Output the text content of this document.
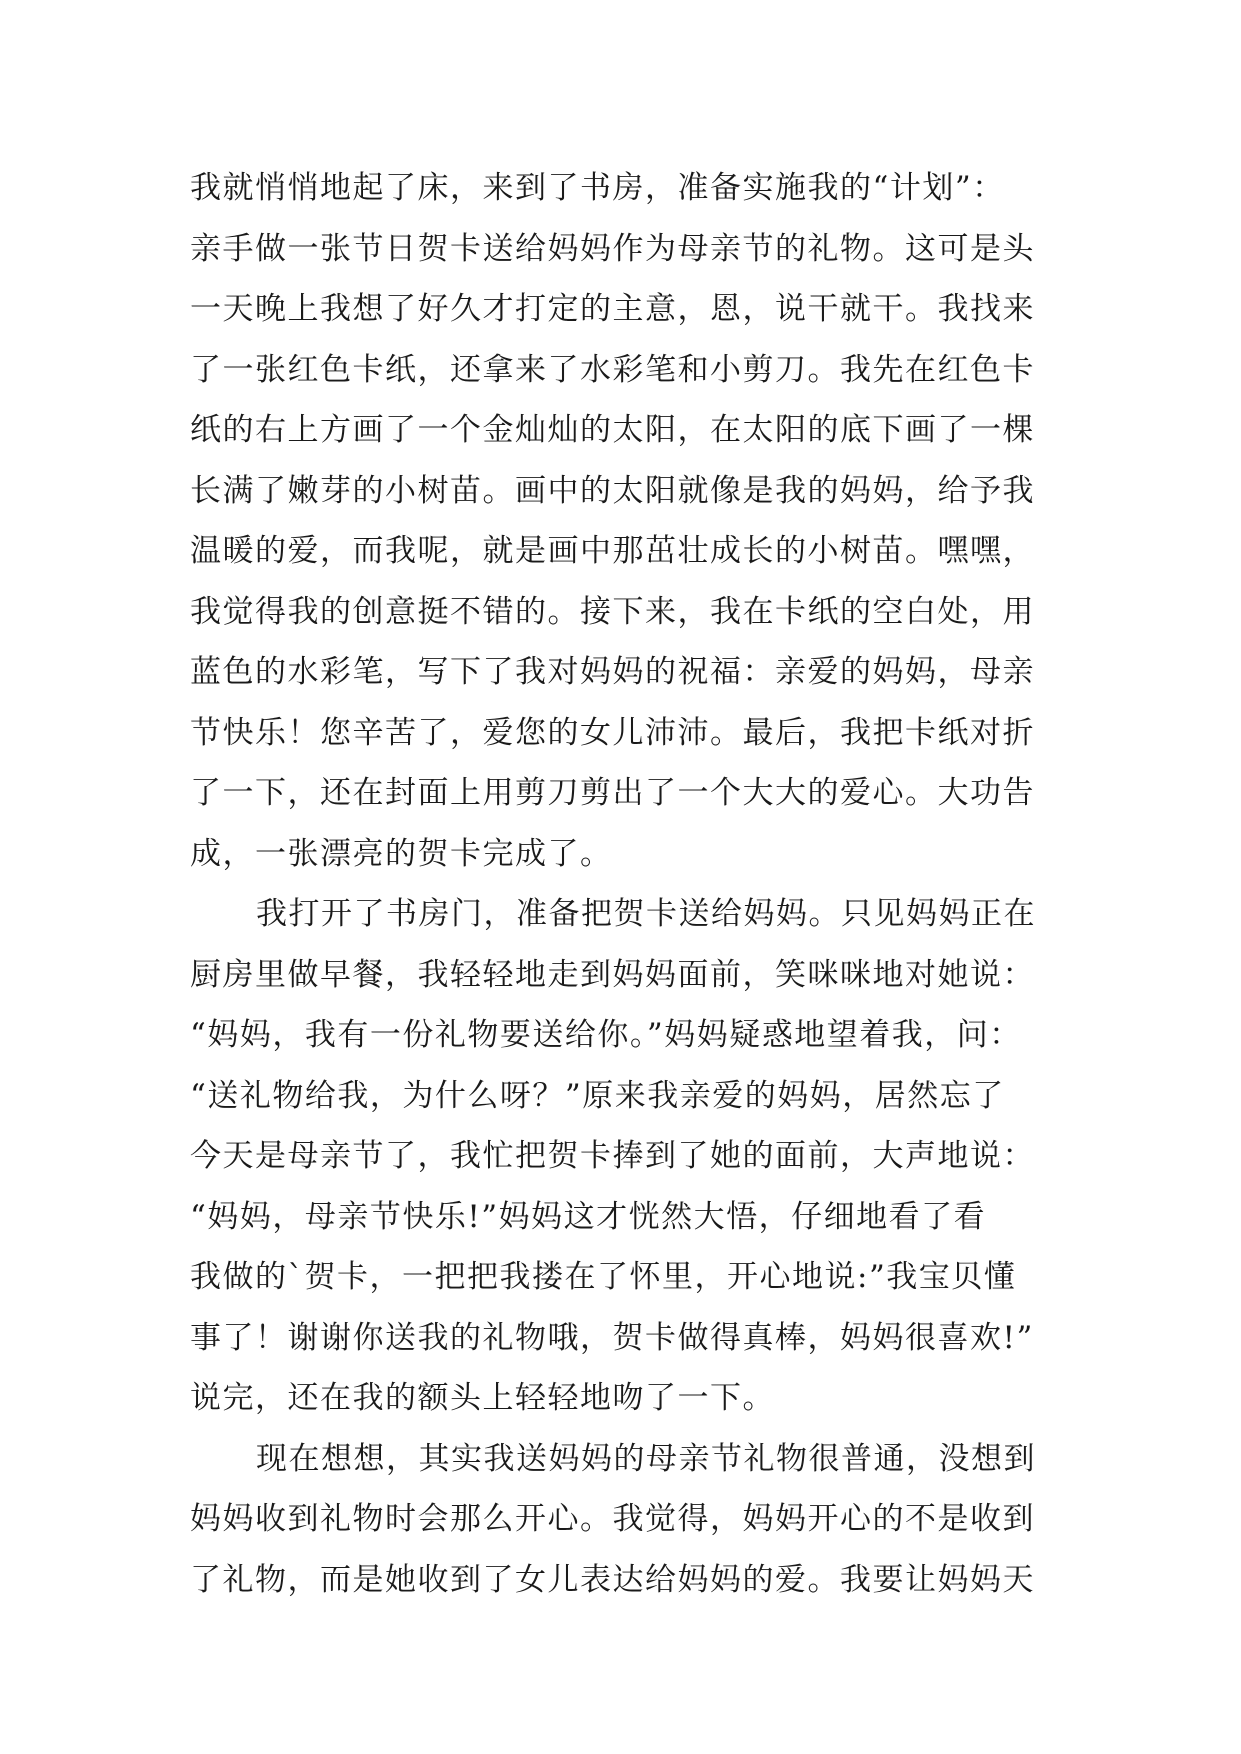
我就悄悄地起了床，来到了书房，准备实施我的“计划”：
亲手做一张节日贺卡送给妈妈作为母亲节的礼物。这可是头
一天晚上我想了好久才打定的主意，恩，说干就干。我找来
了一张红色卡纸，还拿来了水彩笔和小剪刀。我先在红色卡
纸的右上方画了一个金灿灿的太阳，在太阳的底下画了一棵
长满了嫩芽的小树苗。画中的太阳就像是我的妈妈，给予我
温暖的爱，而我呢，就是画中那茁壮成长的小树苗。嘿嘿，
我觉得我的创意挺不错的。接下来，我在卡纸的空白处，用
蓝色的水彩笔，写下了我对妈妈的祝福：亲爱的妈妈，母亲
节快乐！您辛苦了，爱您的女儿沛沛。最后，我把卡纸对折
了一下，还在封面上用剪刀剪出了一个大大的爱心。大功告
成，一张漂亮的贺卡完成了。
我打开了书房门，准备把贺卡送给妈妈。只见妈妈正在
厨房里做早餐，我轻轻地走到妈妈面前，笑咪咪地对她说：
“妈妈，我有一份礼物要送给你。”妈妈疑惑地望着我，问：
“送礼物给我，为什么呀？”原来我亲爱的妈妈，居然忘了
今天是母亲节了，我忙把贺卡捧到了她的面前，大声地说：
“妈妈，母亲节快乐!”妈妈这才恍然大悟，仔细地看了看
我做的`贺卡，一把把我搂在了怀里，开心地说:”我宝贝懂
事了！谢谢你送我的礼物哦，贺卡做得真棒，妈妈很喜欢!”
说完，还在我的额头上轻轻地吻了一下。
现在想想，其实我送妈妈的母亲节礼物很普通，没想到
妈妈收到礼物时会那么开心。我觉得，妈妈开心的不是收到
了礼物，而是她收到了女儿表达给妈妈的爱。我要让妈妈天
